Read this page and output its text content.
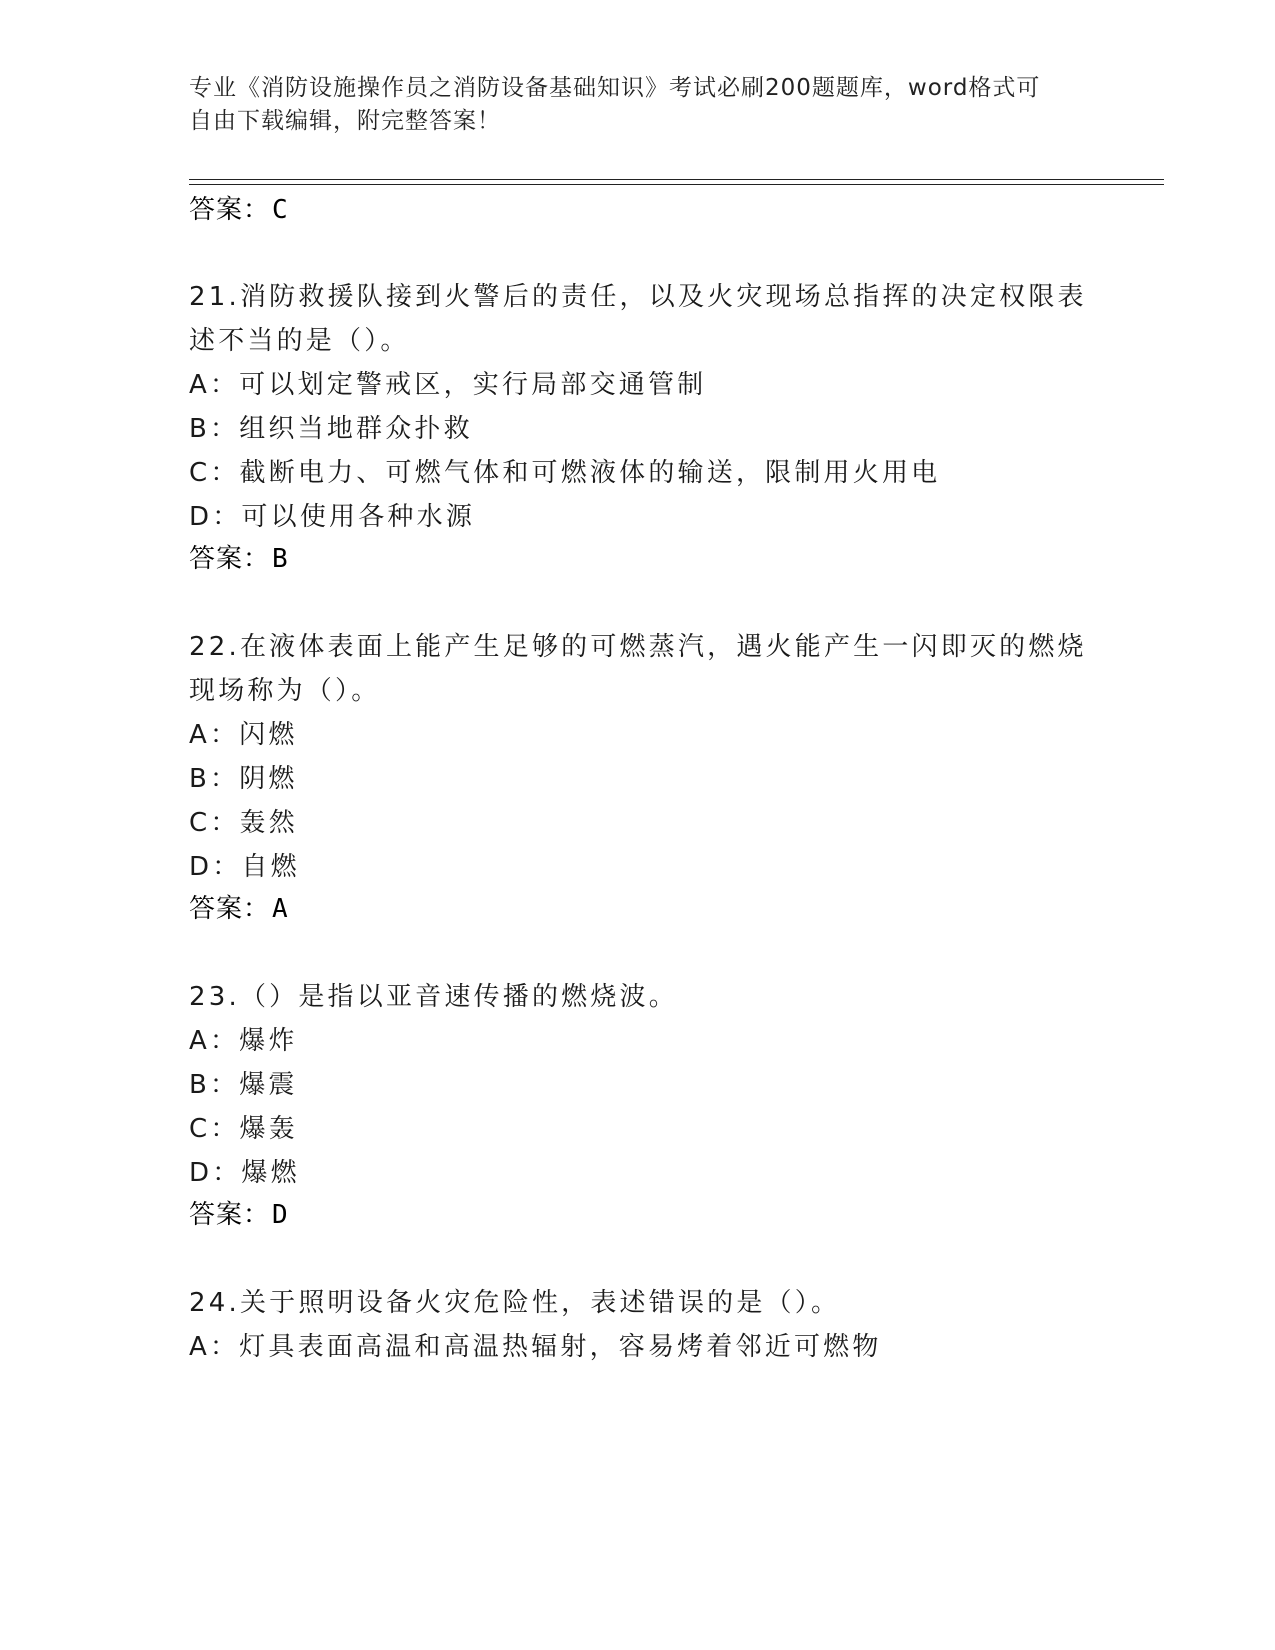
专业《消防设施操作员之消防设备基础知识》考试必刷200题题库，word格式可
自由下载编辑，附完整答案！
答案：C
21.消防救援队接到火警后的责任，以及火灾现场总指挥的决定权限表
述不当的是（）。
A：可以划定警戒区，实行局部交通管制
B：组织当地群众扑救
C：截断电力、可燃气体和可燃液体的输送，限制用火用电
D：可以使用各种水源
答案：B
22.在液体表面上能产生足够的可燃蒸汽，遇火能产生一闪即灭的燃烧
现场称为（）。
A：闪燃
B：阴燃
C：轰然
D：自燃
答案：A
23.（）是指以亚音速传播的燃烧波。
A：爆炸
B：爆震
C：爆轰
D：爆燃
答案：D
24.关于照明设备火灾危险性，表述错误的是（）。
A：灯具表面高温和高温热辐射，容易烤着邻近可燃物
